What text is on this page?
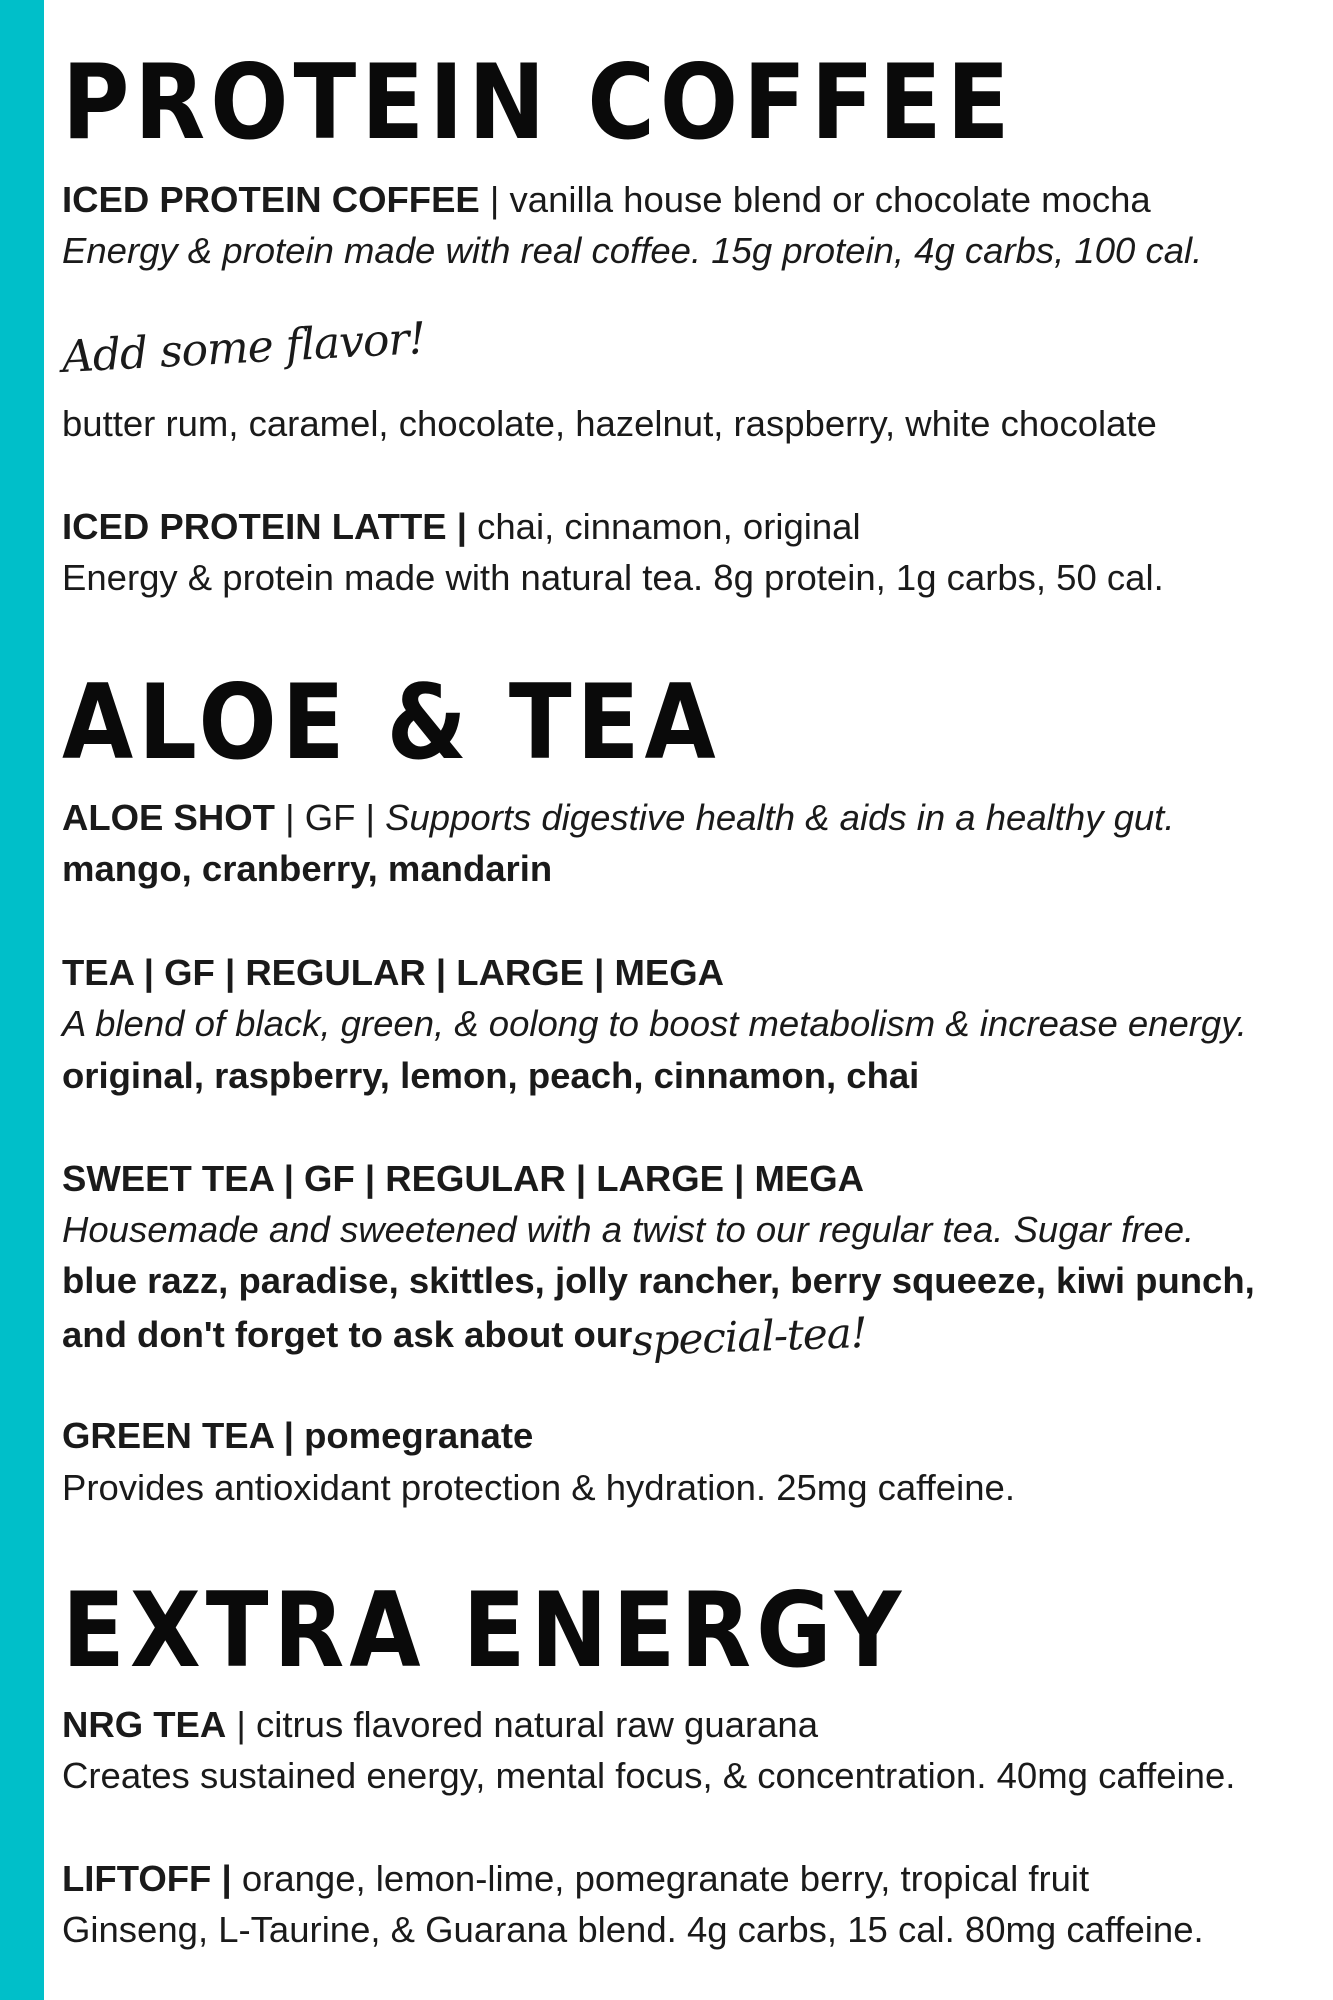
PROTEIN COFFEE

ICED PROTEIN COFFEE | vanilla house blend or chocolate mocha

Energy & protein made with real coffee. 15g protein, 4g carbs, 100 cal.

Add some flavor!

butter rum, caramel, chocolate, hazelnut, raspberry, white chocolate

ICED PROTEIN LATTE | chai, cinnamon, original

Energy & protein made with natural tea. 8g protein, 1g carbs, 50 cal.

ALOE & TEA

ALOE SHOT | GF | Supports digestive health & aids in a healthy gut.

mango, cranberry, mandarin

TEA | GF | REGULAR | LARGE | MEGA

A blend of black, green, & oolong to boost metabolism & increase energy.

original, raspberry, lemon, peach, cinnamon, chai

SWEET TEA | GF | REGULAR | LARGE | MEGA

Housemade and sweetened with a twist to our regular tea. Sugar free.

blue razz, paradise, skittles, jolly rancher, berry squeeze, kiwi punch,

and don't forget to ask about ourspecial-tea!

GREEN TEA | pomegranate

Provides antioxidant protection & hydration. 25mg caffeine.

EXTRA ENERGY

NRG TEA | citrus flavored natural raw guarana

Creates sustained energy, mental focus, & concentration. 40mg caffeine.

LIFTOFF | orange, lemon-lime, pomegranate berry, tropical fruit

Ginseng, L-Taurine, & Guarana blend. 4g carbs, 15 cal. 80mg caffeine.
